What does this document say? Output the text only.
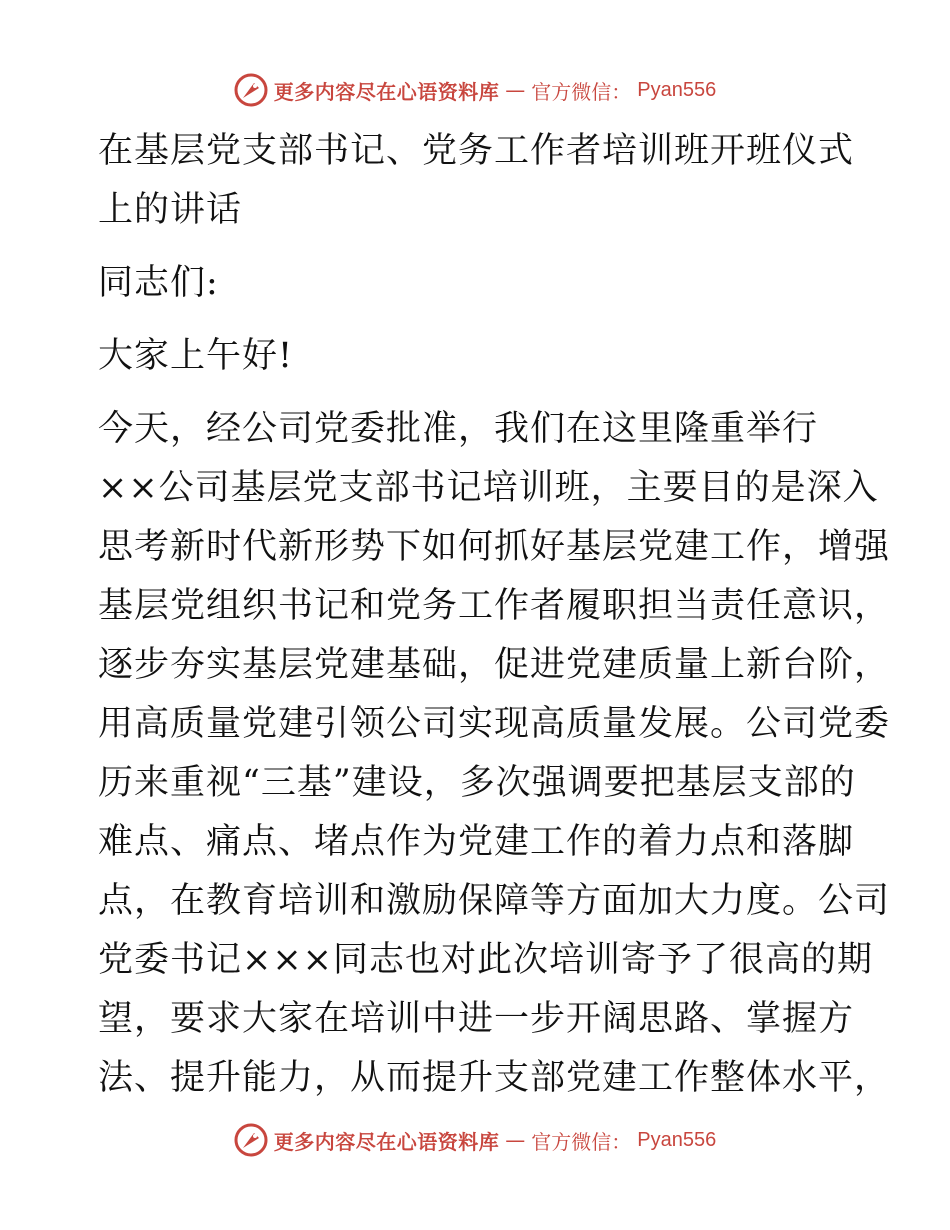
更多内容尽在心语资料库 — 官方微信： Pyan556
在基层党支部书记、党务工作者培训班开班仪式
上的讲话
同志们:
大家上午好!
今天，经公司党委批准，我们在这里隆重举行
××公司基层党支部书记培训班，主要目的是深入
思考新时代新形势下如何抓好基层党建工作，增强
基层党组织书记和党务工作者履职担当责任意识，
逐步夯实基层党建基础，促进党建质量上新台阶，
用高质量党建引领公司实现高质量发展。公司党委
历来重视“三基”建设，多次强调要把基层支部的
难点、痛点、堵点作为党建工作的着力点和落脚
点，在教育培训和激励保障等方面加大力度。公司
党委书记×××同志也对此次培训寄予了很高的期
望，要求大家在培训中进一步开阔思路、掌握方
法、提升能力，从而提升支部党建工作整体水平，
更多内容尽在心语资料库 — 官方微信： Pyan556
